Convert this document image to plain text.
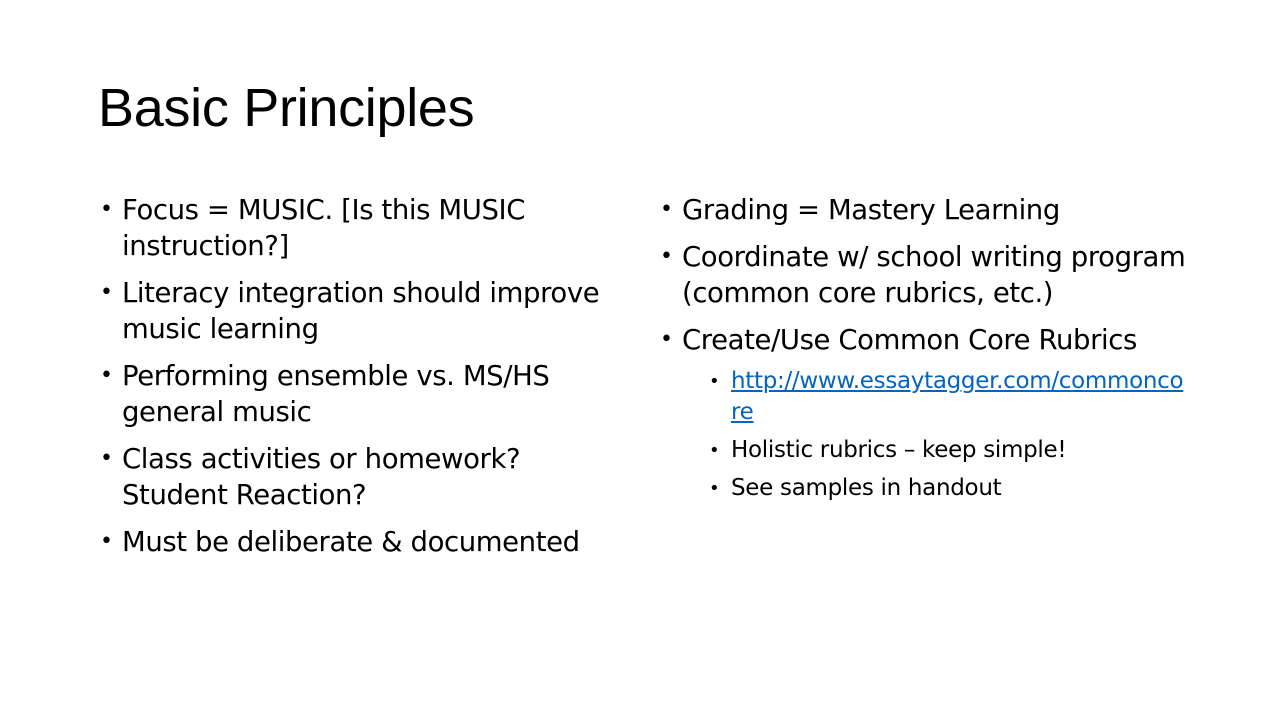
Basic Principles
• Focus = MUSIC. [Is this MUSIC instruction?]
• Literacy integration should improve music learning
• Performing ensemble vs. MS/HS general music
• Class activities or homework? Student Reaction?
• Must be deliberate & documented
• Grading = Mastery Learning
• Coordinate w/ school writing program (common core rubrics, etc.)
• Create/Use Common Core Rubrics
• http://www.essaytagger.com/commoncore
• Holistic rubrics – keep simple!
• See samples in handout
